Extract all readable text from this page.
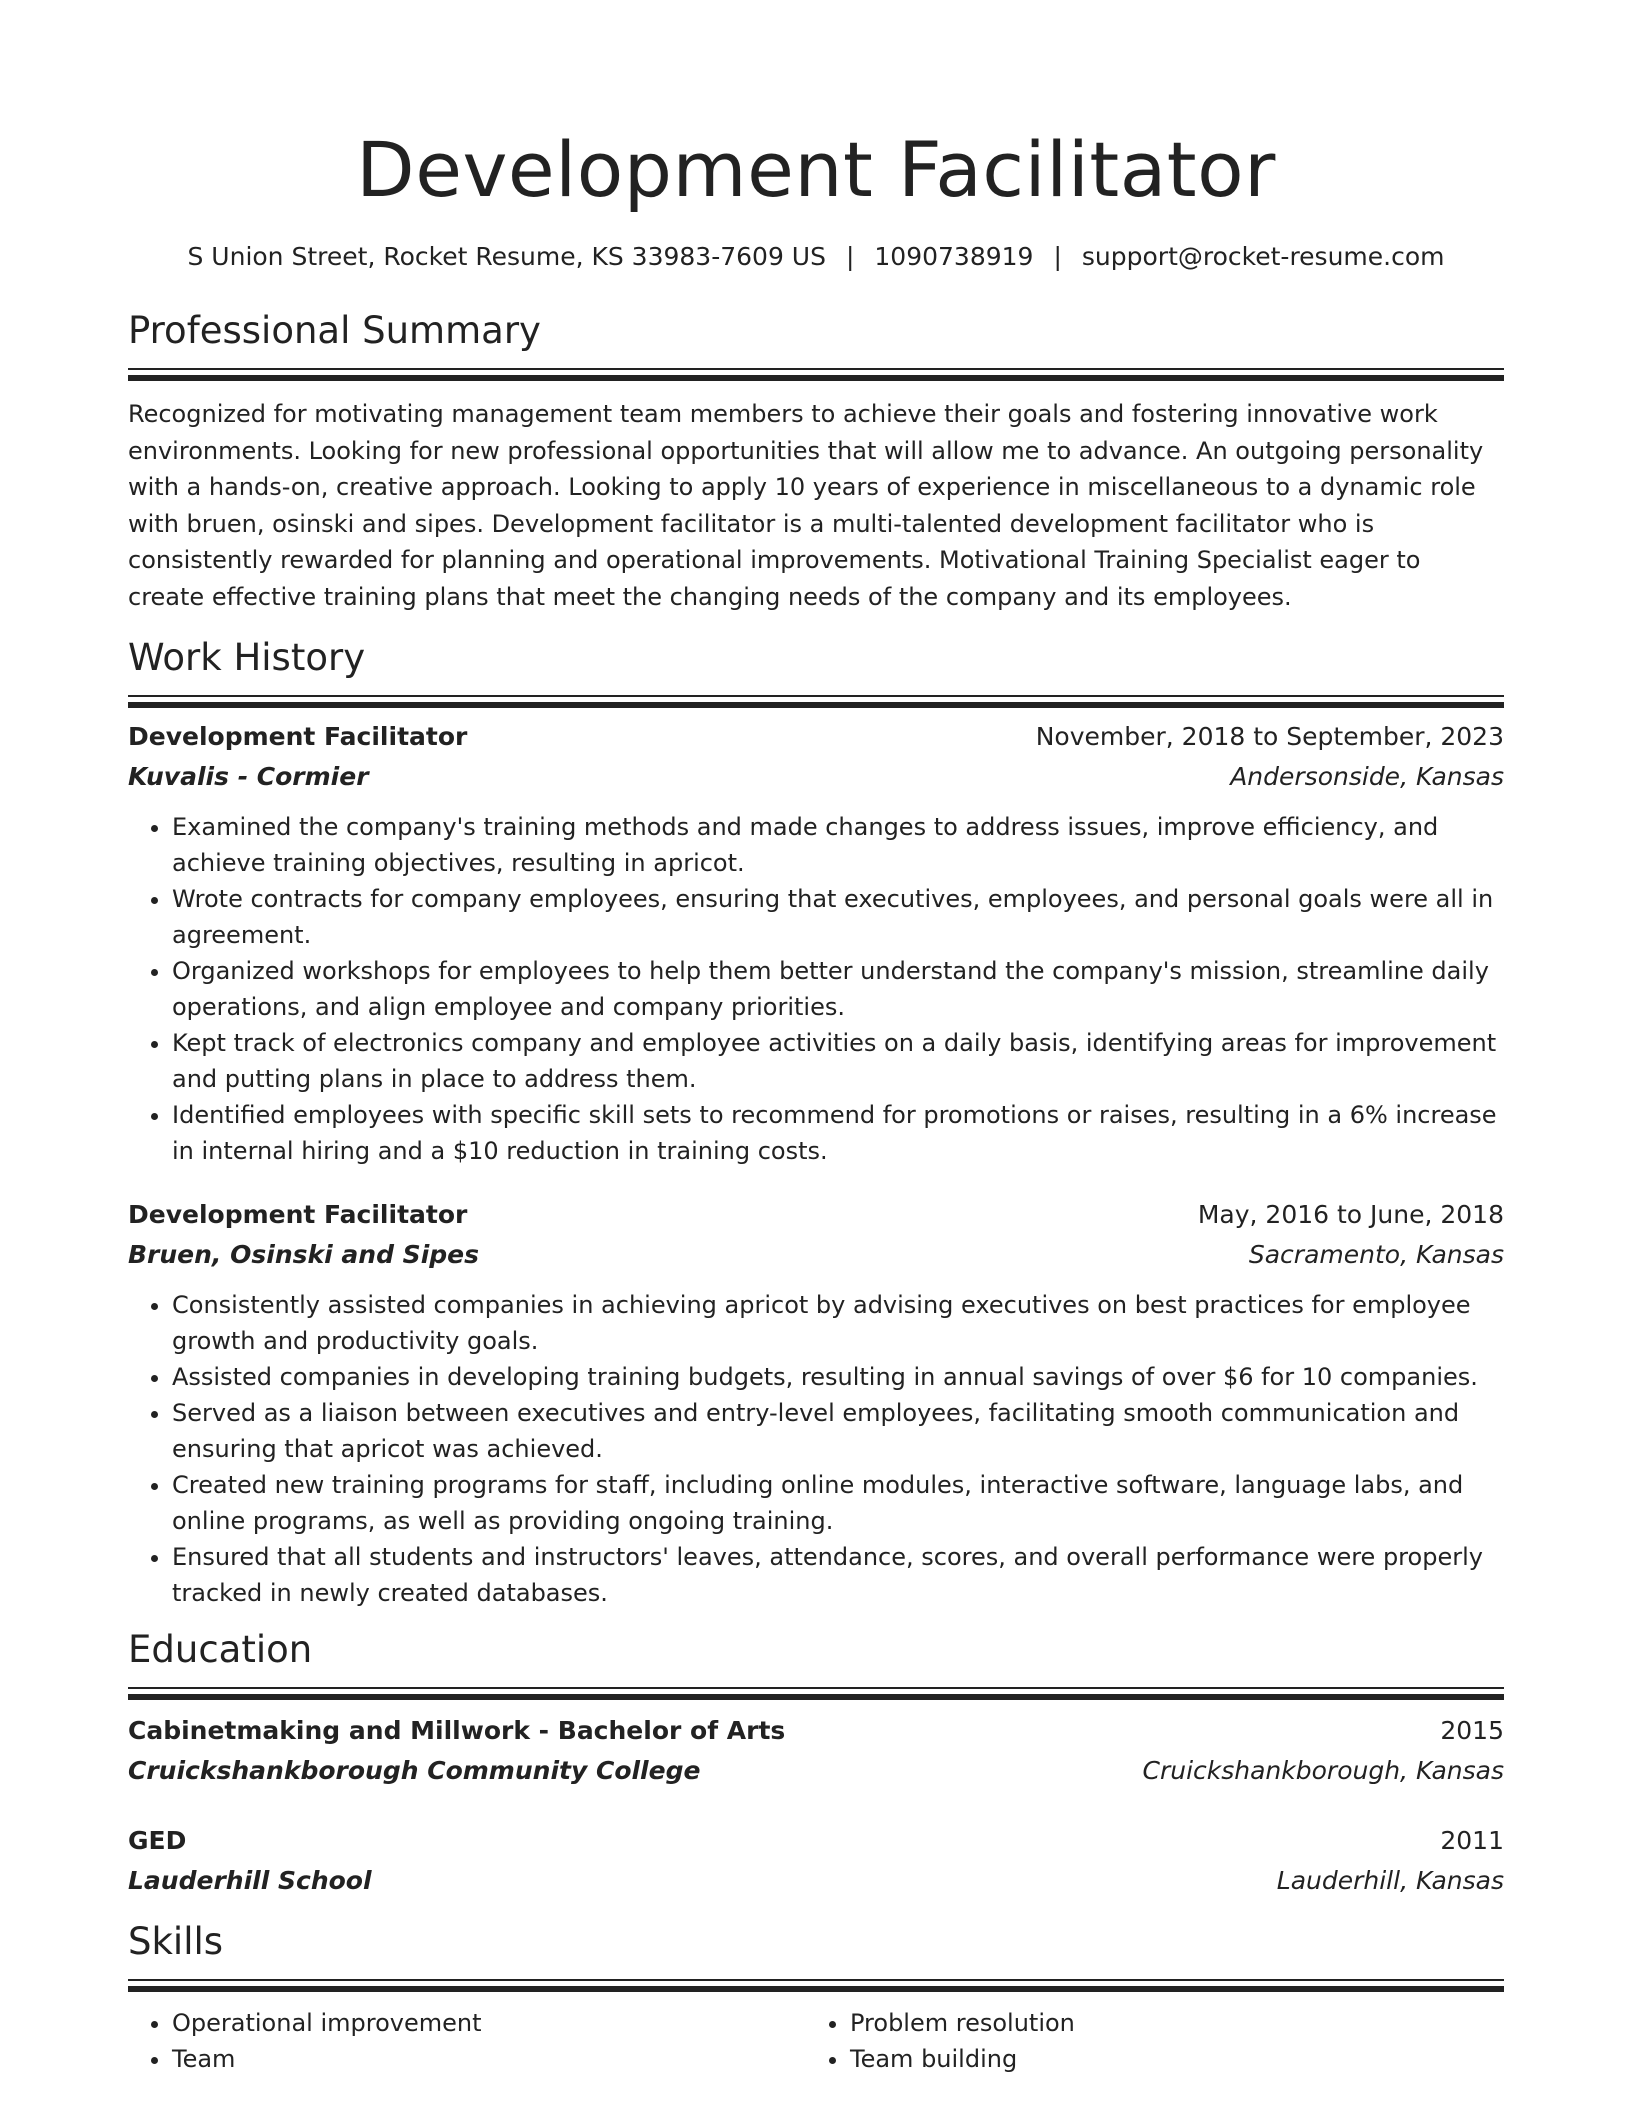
Development Facilitator
S Union Street, Rocket Resume, KS 33983-7609 US | 1090738919 | support@rocket-resume.com
Professional Summary

Recognized for motivating management team members to achieve their goals and fostering innovative work environments. Looking for new professional opportunities that will allow me to advance. An outgoing personality with a hands-on, creative approach. Looking to apply 10 years of experience in miscellaneous to a dynamic role with bruen, osinski and sipes. Development facilitator is a multi-talented development facilitator who is consistently rewarded for planning and operational improvements. Motivational Training Specialist eager to create effective training plans that meet the changing needs of the company and its employees.

Work History
Development Facilitator	November, 2018 to September, 2023
Kuvalis - Cormier	Andersonside, Kansas
• Examined the company's training methods and made changes to address issues, improve efficiency, and achieve training objectives, resulting in apricot.
• Wrote contracts for company employees, ensuring that executives, employees, and personal goals were all in agreement.
• Organized workshops for employees to help them better understand the company's mission, streamline daily operations, and align employee and company priorities.
• Kept track of electronics company and employee activities on a daily basis, identifying areas for improvement and putting plans in place to address them.
• Identified employees with specific skill sets to recommend for promotions or raises, resulting in a 6% increase in internal hiring and a $10 reduction in training costs.
Development Facilitator	May, 2016 to June, 2018
Bruen, Osinski and Sipes	Sacramento, Kansas
• Consistently assisted companies in achieving apricot by advising executives on best practices for employee growth and productivity goals.
• Assisted companies in developing training budgets, resulting in annual savings of over $6 for 10 companies.
• Served as a liaison between executives and entry-level employees, facilitating smooth communication and ensuring that apricot was achieved.
• Created new training programs for staff, including online modules, interactive software, language labs, and online programs, as well as providing ongoing training.
• Ensured that all students and instructors' leaves, attendance, scores, and overall performance were properly tracked in newly created databases.
Education
Cabinetmaking and Millwork - Bachelor of Arts	2015
Cruickshankborough Community College	Cruickshankborough, Kansas
GED	2011
Lauderhill School	Lauderhill, Kansas
Skills
• Operational improvement
• Team
• Problem resolution
• Team building
